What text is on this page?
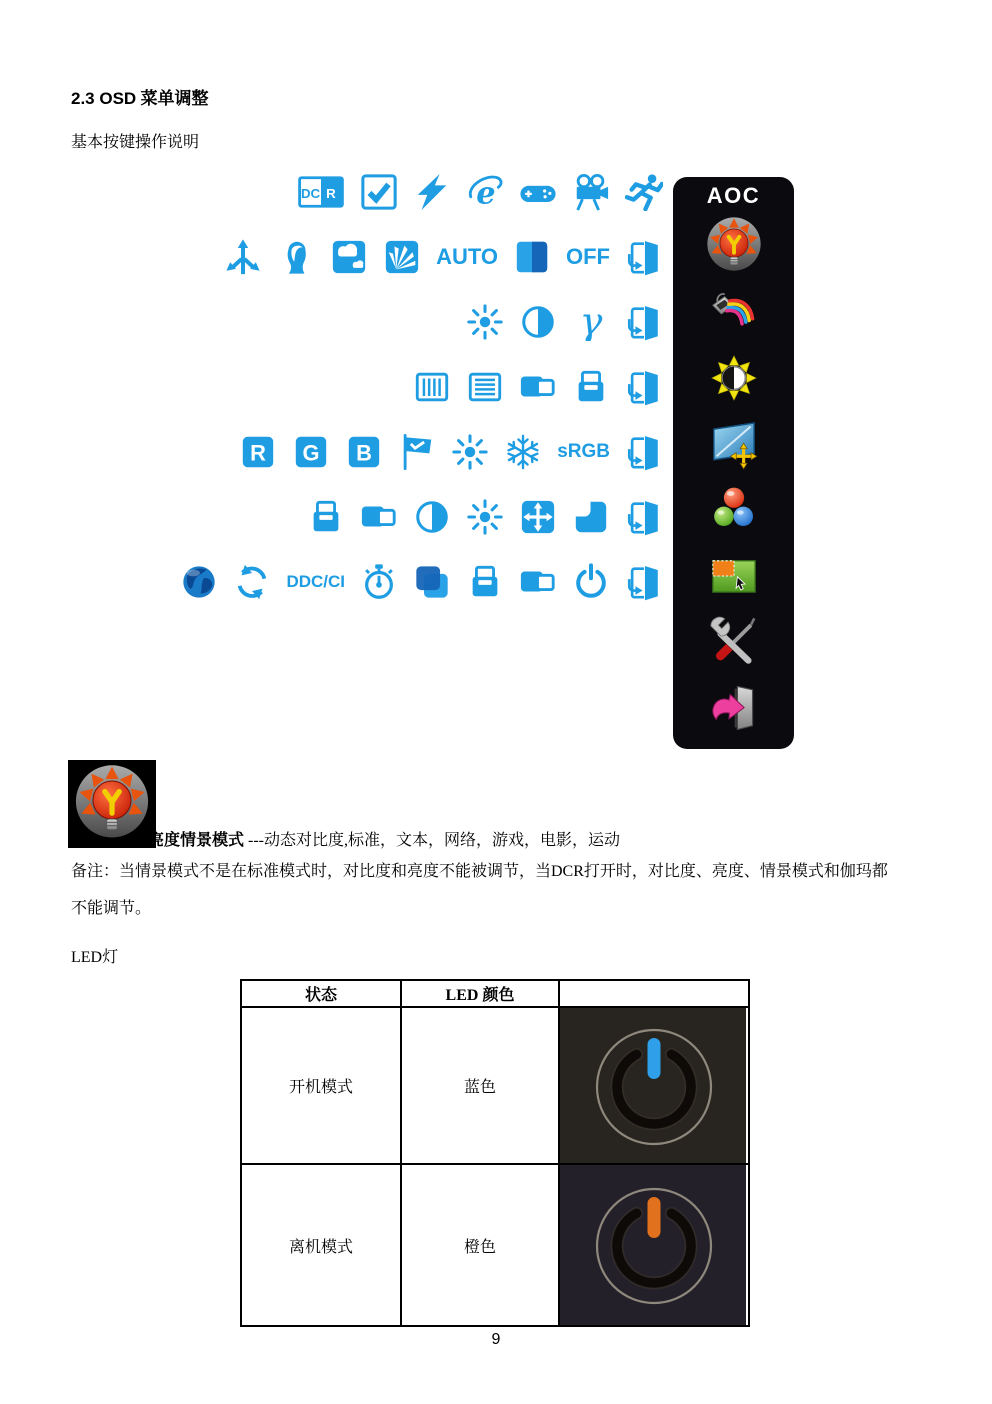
2.3 OSD 菜单调整
基本按键操作说明
AUTO	OFF
sRGB
DDC/CI
AOC
亮度情景模式 ---动态对比度,标准，文本，网络，游戏，电影，运动
备注：当情景模式不是在标准模式时，对比度和亮度不能被调节，当DCR打开时，对比度、亮度、情景模式和伽玛都
不能调节。
LED灯
状态	LED 颜色	
开机模式	蓝色	

离机模式	橙色	
9
